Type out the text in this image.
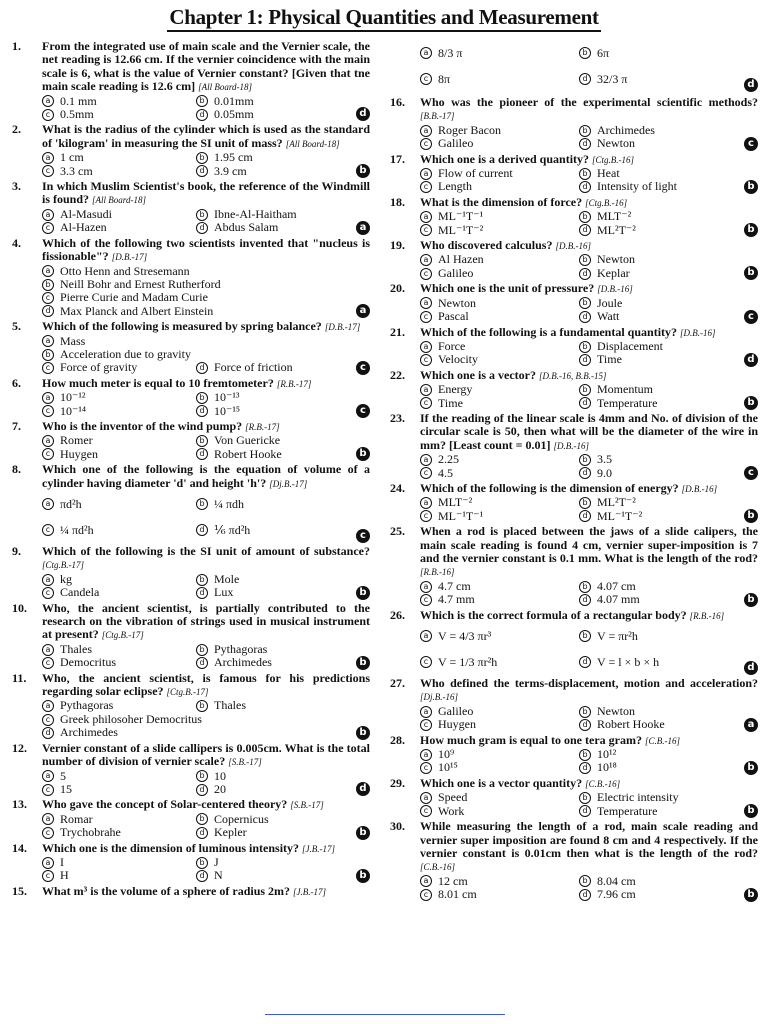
Chapter 1: Physical Quantities and Measurement
1.	From the integrated use of main scale and the Vernier scale, the net reading is 12.66 cm. If the vernier coincidence with the main scale is 6, what is the value of Vernier constant? [Given that tne main scale reading is 12.6 cm] [All Board-18]
a 0.1 mm	b 0.01mm
c 0.5mm	d 0.05mm	d
2.	What is the radius of the cylinder which is used as the standard of 'kilogram' in measuring the SI unit of mass? [All Board-18]
a 1 cm	b 1.95 cm
c 3.3 cm	d 3.9 cm	b
3.	In which Muslim Scientist's book, the reference of the Windmill is found? [All Board-18]
a Al-Masudi	b Ibne-Al-Haitham
c Al-Hazen	d Abdus Salam	a
4.	Which of the following two scientists invented that "nucleus is fissionable"? [D.B.-17]
a Otto Henn and Stresemann
b Neill Bohr and Ernest Rutherford
c Pierre Curie and Madam Curie
d Max Planck and Albert Einstein	a
5.	Which of the following is measured by spring balance? [D.B.-17]
a Mass
b Acceleration due to gravity
c Force of gravity	d Force of friction	c
6.	How much meter is equal to 10 fremtometer? [R.B.-17]
a 10⁻¹²	b 10⁻¹³
c 10⁻¹⁴	d 10⁻¹⁵	c
7.	Who is the inventor of the wind pump? [R.B.-17]
a Romer	b Von Guericke
c Huygen	d Robert Hooke	b
8.	Which one of the following is the equation of volume of a cylinder having diameter 'd' and height 'h'? [Dj.B.-17]
a πd²h	b ¼ πdh
c ¼ πd²h	d ⅙ πd²h	c
9.	Which of the following is the SI unit of amount of substance? [Ctg.B.-17]
a kg	b Mole
c Candela	d Lux	b
10.	Who, the ancient scientist, is partially contributed to the research on the vibration of strings used in musical instrument at present? [Ctg.B.-17]
a Thales	b Pythagoras
c Democritus	d Archimedes	b
11.	Who, the ancient scientist, is famous for his predictions regarding solar eclipse? [Ctg.B.-17]
a Pythagoras	b Thales
c Greek philosoher Democritus
d Archimedes	b
12.	Vernier constant of a slide callipers is 0.005cm. What is the total number of division of vernier scale? [S.B.-17]
a 5	b 10
c 15	d 20	d
13.	Who gave the concept of Solar-centered theory? [S.B.-17]
a Romar	b Copernicus
c Trychobrahe	d Kepler	b
14.	Which one is the dimension of luminous intensity? [J.B.-17]
a I	b J
c H	d N	b
15.	What m³ is the volume of a sphere of radius 2m? [J.B.-17]
a 8/3 π	b 6π
c 8π	d 32/3 π	d
16.	Who was the pioneer of the experimental scientific methods? [B.B.-17]
a Roger Bacon	b Archimedes
c Galileo	d Newton	c
17.	Which one is a derived quantity? [Ctg.B.-16]
a Flow of current	b Heat
c Length	d Intensity of light	b
18.	What is the dimension of force? [Ctg.B.-16]
a ML⁻¹T⁻¹	b MLT⁻²
c ML⁻¹T⁻²	d ML²T⁻²	b
19.	Who discovered calculus? [D.B.-16]
a Al Hazen	b Newton
c Galileo	d Keplar	b
20.	Which one is the unit of pressure? [D.B.-16]
a Newton	b Joule
c Pascal	d Watt	c
21.	Which of the following is a fundamental quantity? [D.B.-16]
a Force	b Displacement
c Velocity	d Time	d
22.	Which one is a vector? [D.B.-16, B.B.-15]
a Energy	b Momentum
c Time	d Temperature	b
23.	If the reading of the linear scale is 4mm and No. of division of the circular scale is 50, then what will be the diameter of the wire in mm? [Least count = 0.01] [D.B.-16]
a 2.25	b 3.5
c 4.5	d 9.0	c
24.	Which of the following is the dimension of energy? [D.B.-16]
a MLT⁻²	b ML²T⁻²
c ML⁻¹T⁻¹	d ML⁻¹T⁻²	b
25.	When a rod is placed between the jaws of a slide calipers, the main scale reading is found 4 cm, vernier super-imposition is 7 and the vernier constant is 0.1 mm. What is the length of the rod? [R.B.-16]
a 4.7 cm	b 4.07 cm
c 4.7 mm	d 4.07 mm	b
26.	Which is the correct formula of a rectangular body? [R.B.-16]
a V = 4/3 πr³	b V = πr²h
c V = 1/3 πr²h	d V = l × b × h	d
27.	Who defined the terms-displacement, motion and acceleration? [Dj.B.-16]
a Galileo	b Newton
c Huygen	d Robert Hooke	a
28.	How much gram is equal to one tera gram? [C.B.-16]
a 10⁹	b 10¹²
c 10¹⁵	d 10¹⁸	b
29.	Which one is a vector quantity? [C.B.-16]
a Speed	b Electric intensity
c Work	d Temperature	b
30.	While measuring the length of a rod, main scale reading and vernier super imposition are found 8 cm and 4 respectively. If the vernier constant is 0.01cm then what is the length of the rod? [C.B.-16]
a 12 cm	b 8.04 cm
c 8.01 cm	d 7.96 cm	b
